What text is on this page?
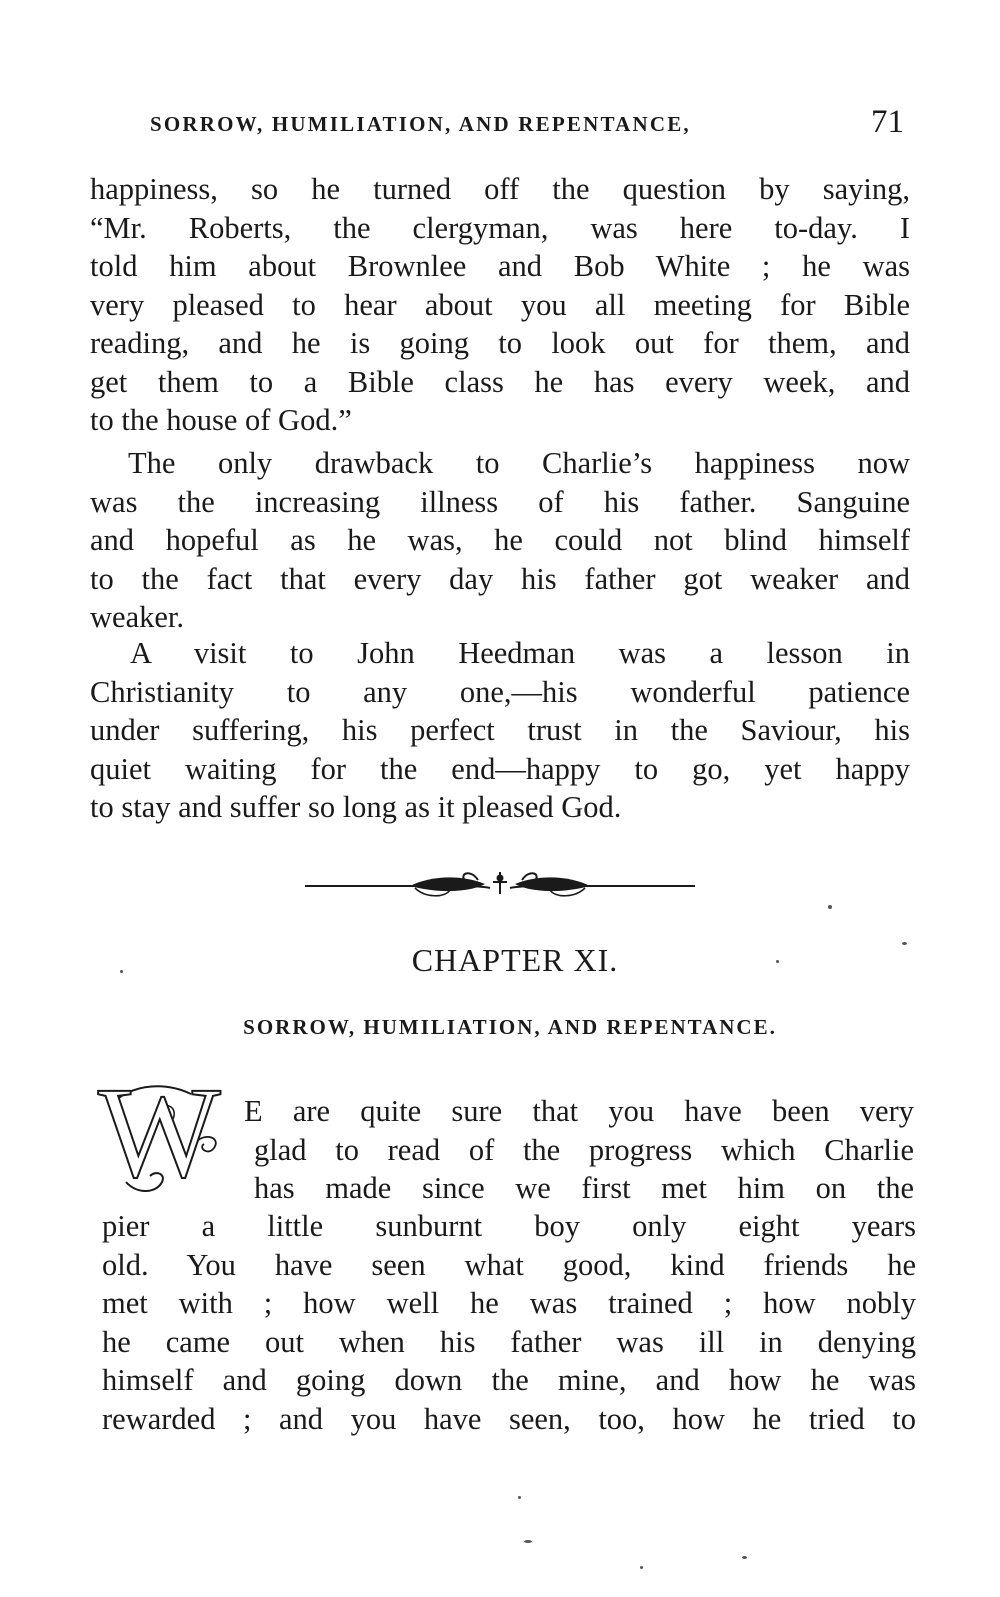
SORROW, HUMILIATION, AND REPENTANCE,	71
happiness, so he turned off the question by saying,
“Mr. Roberts, the clergyman, was here to-day. I
told him about Brownlee and Bob White ; he was
very pleased to hear about you all meeting for Bible
reading, and he is going to look out for them, and
get them to a Bible class he has every week, and
to the house of God.”
The only drawback to Charlie’s happiness now
was the increasing illness of his father. Sanguine
and hopeful as he was, he could not blind himself
to the fact that every day his father got weaker and
weaker.
A visit to John Heedman was a lesson in
Christianity to any one,—his wonderful patience
under suffering, his perfect trust in the Saviour, his
quiet waiting for the end—happy to go, yet happy
to stay and suffer so long as it pleased God.
CHAPTER XI.
SORROW, HUMILIATION, AND REPENTANCE.
W E are quite sure that you have been very
glad to read of the progress which Charlie
has made since we first met him on the
pier a little sunburnt boy only eight years
old. You have seen what good, kind friends he
met with ; how well he was trained ; how nobly
he came out when his father was ill in denying
himself and going down the mine, and how he was
rewarded ; and you have seen, too, how he tried to
